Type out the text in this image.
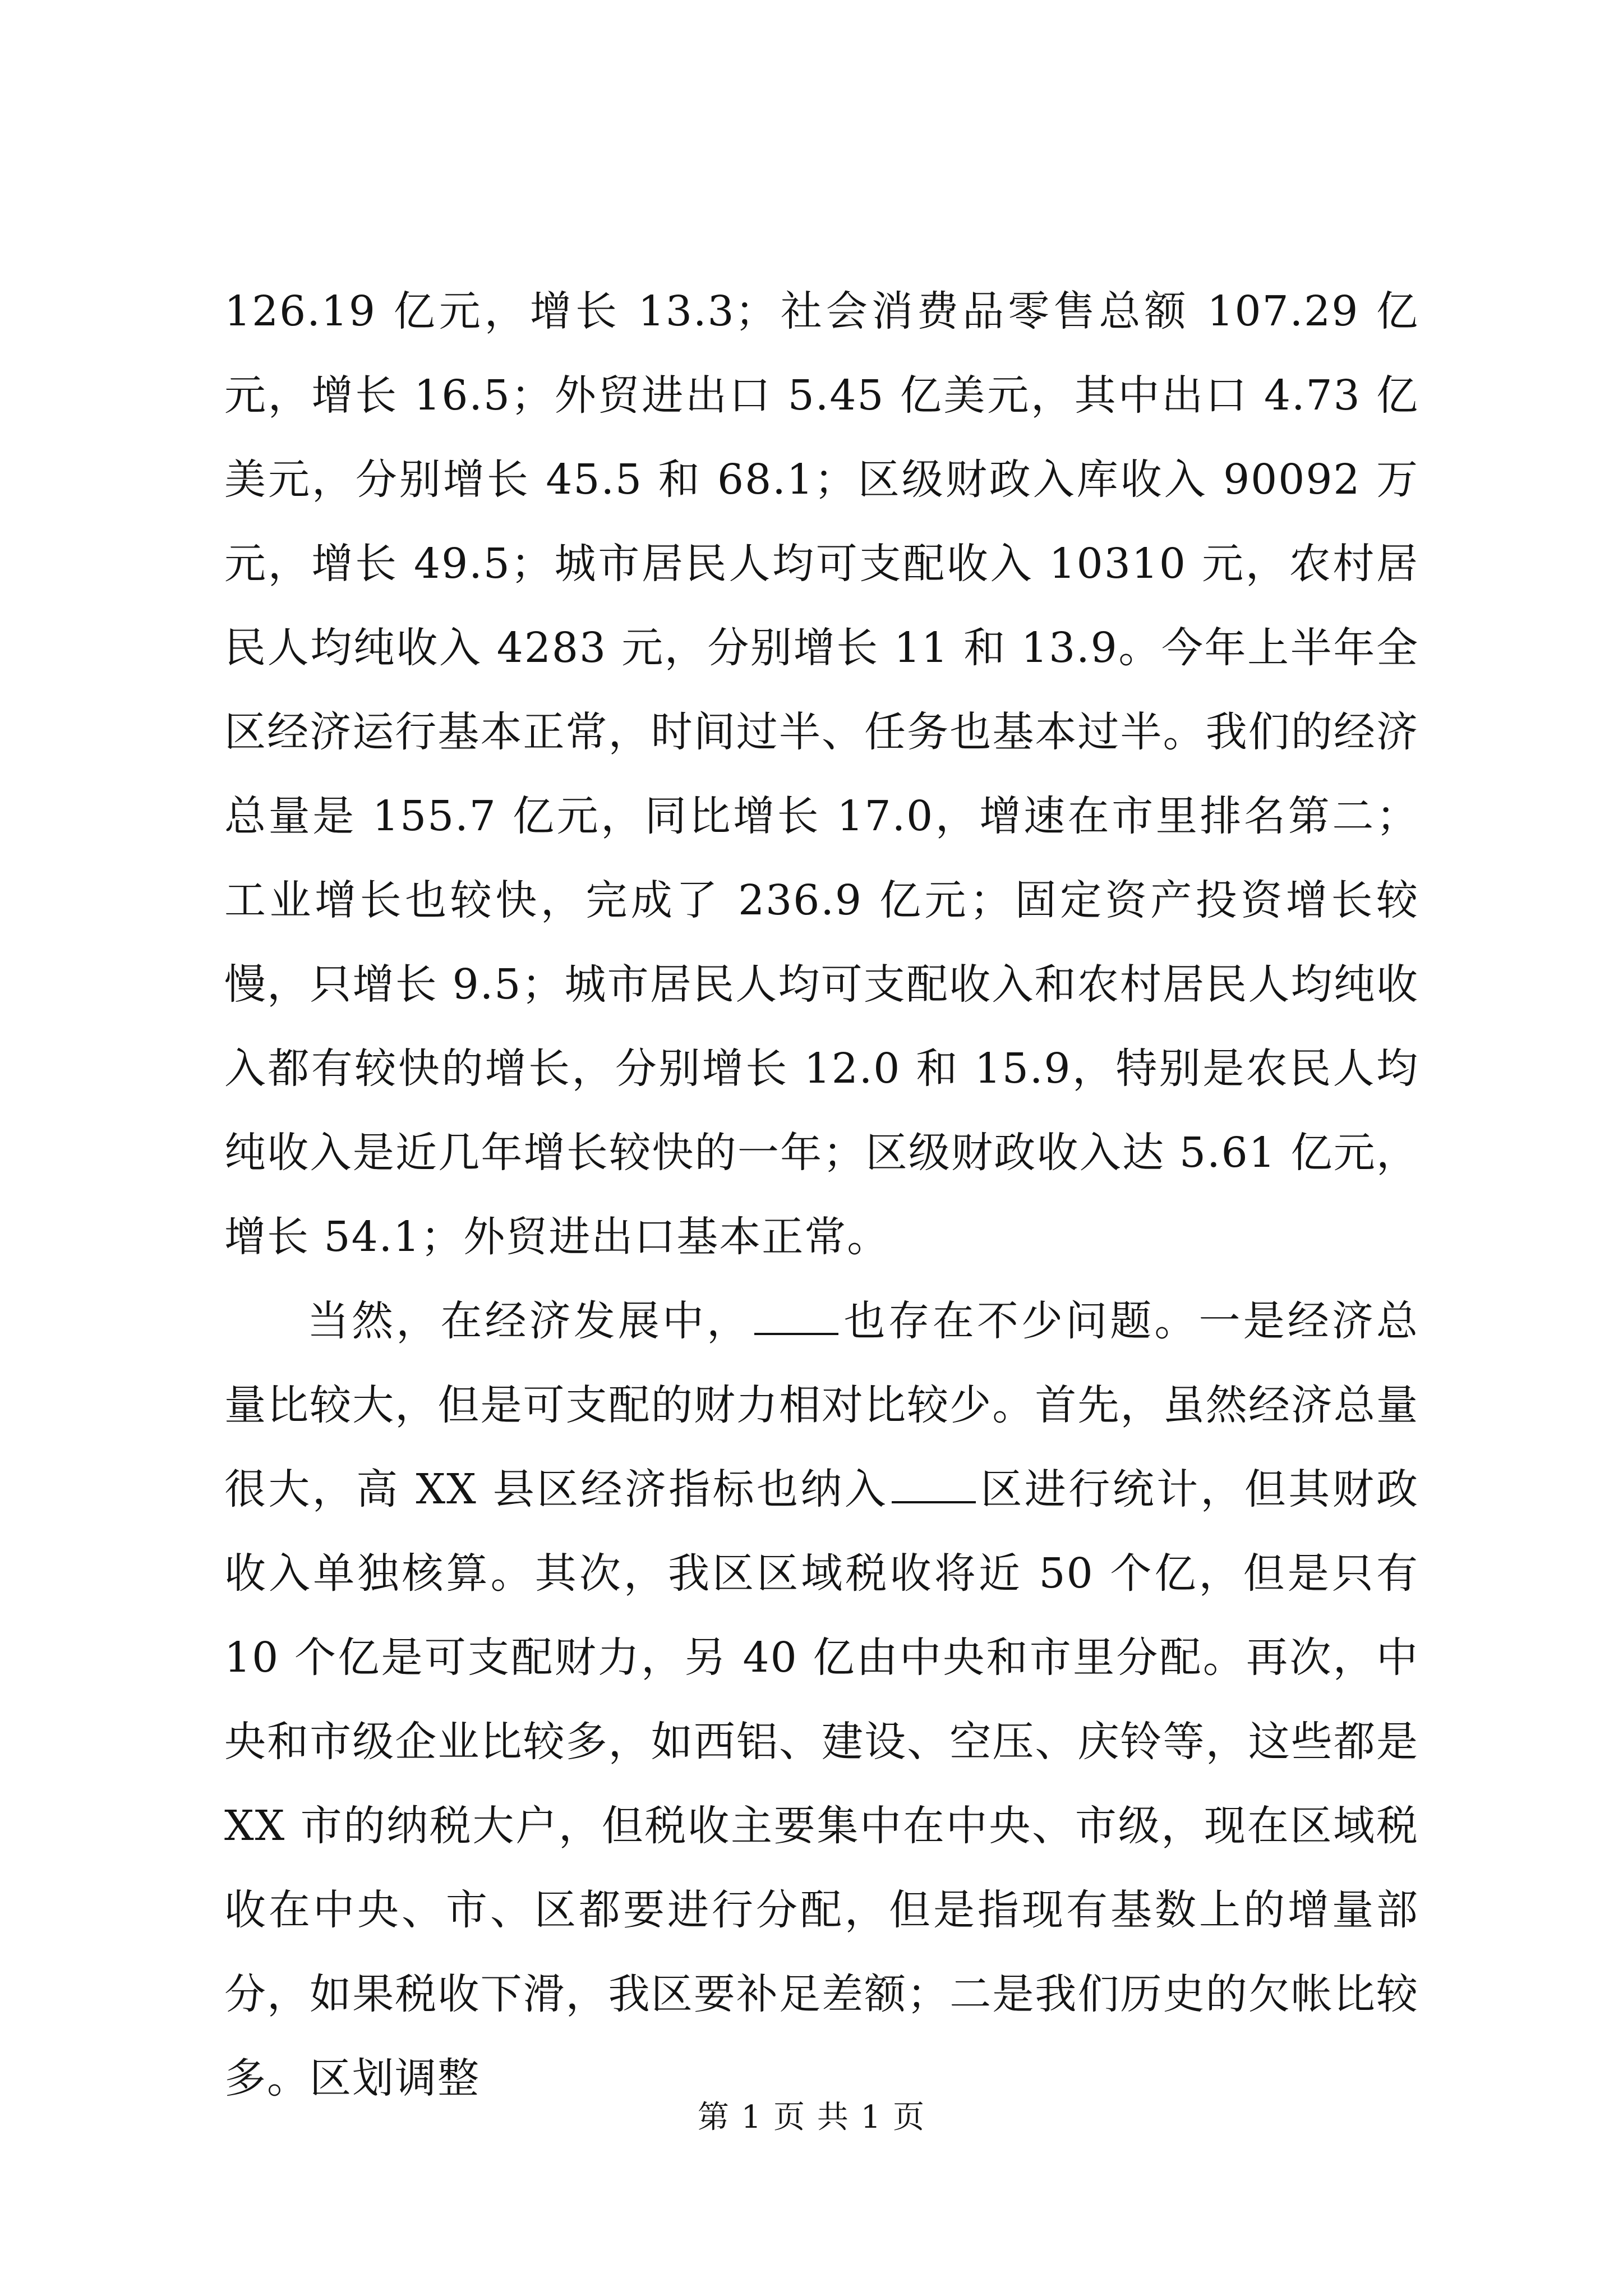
126.19 亿元，增长 13.3；社会消费品零售总额 107.29 亿元，增长 16.5；外贸进出口 5.45 亿美元，其中出口 4.73 亿美元，分别增长 45.5 和 68.1；区级财政入库收入 90092 万元，增长 49.5；城市居民人均可支配收入 10310 元，农村居民人均纯收入 4283 元，分别增长 11 和 13.9。今年上半年全区经济运行基本正常，时间过半、任务也基本过半。我们的经济总量是 155.7 亿元，同比增长 17.0，增速在市里排名第二；工业增长也较快，完成了 236.9 亿元；固定资产投资增长较慢，只增长 9.5；城市居民人均可支配收入和农村居民人均纯收入都有较快的增长，分别增长 12.0 和 15.9，特别是农民人均纯收入是近几年增长较快的一年；区级财政收入达 5.61 亿元，增长 54.1；外贸进出口基本正常。

当然，在经济发展中， 也存在不少问题。一是经济总量比较大，但是可支配的财力相对比较少。首先，虽然经济总量很大，高 XX 县区经济指标也纳入 区进行统计，但其财政收入单独核算。其次，我区区域税收将近 50 个亿，但是只有 10 个亿是可支配财力，另 40 亿由中央和市里分配。再次，中央和市级企业比较多，如西铝、建设、空压、庆铃等，这些都是 XX 市的纳税大户，但税收主要集中在中央、市级，现在区域税收在中央、市、区都要进行分配，但是指现有基数上的增量部分，如果税收下滑，我区要补足差额；二是我们历史的欠帐比较多。区划调整

第 1 页 共 1 页
